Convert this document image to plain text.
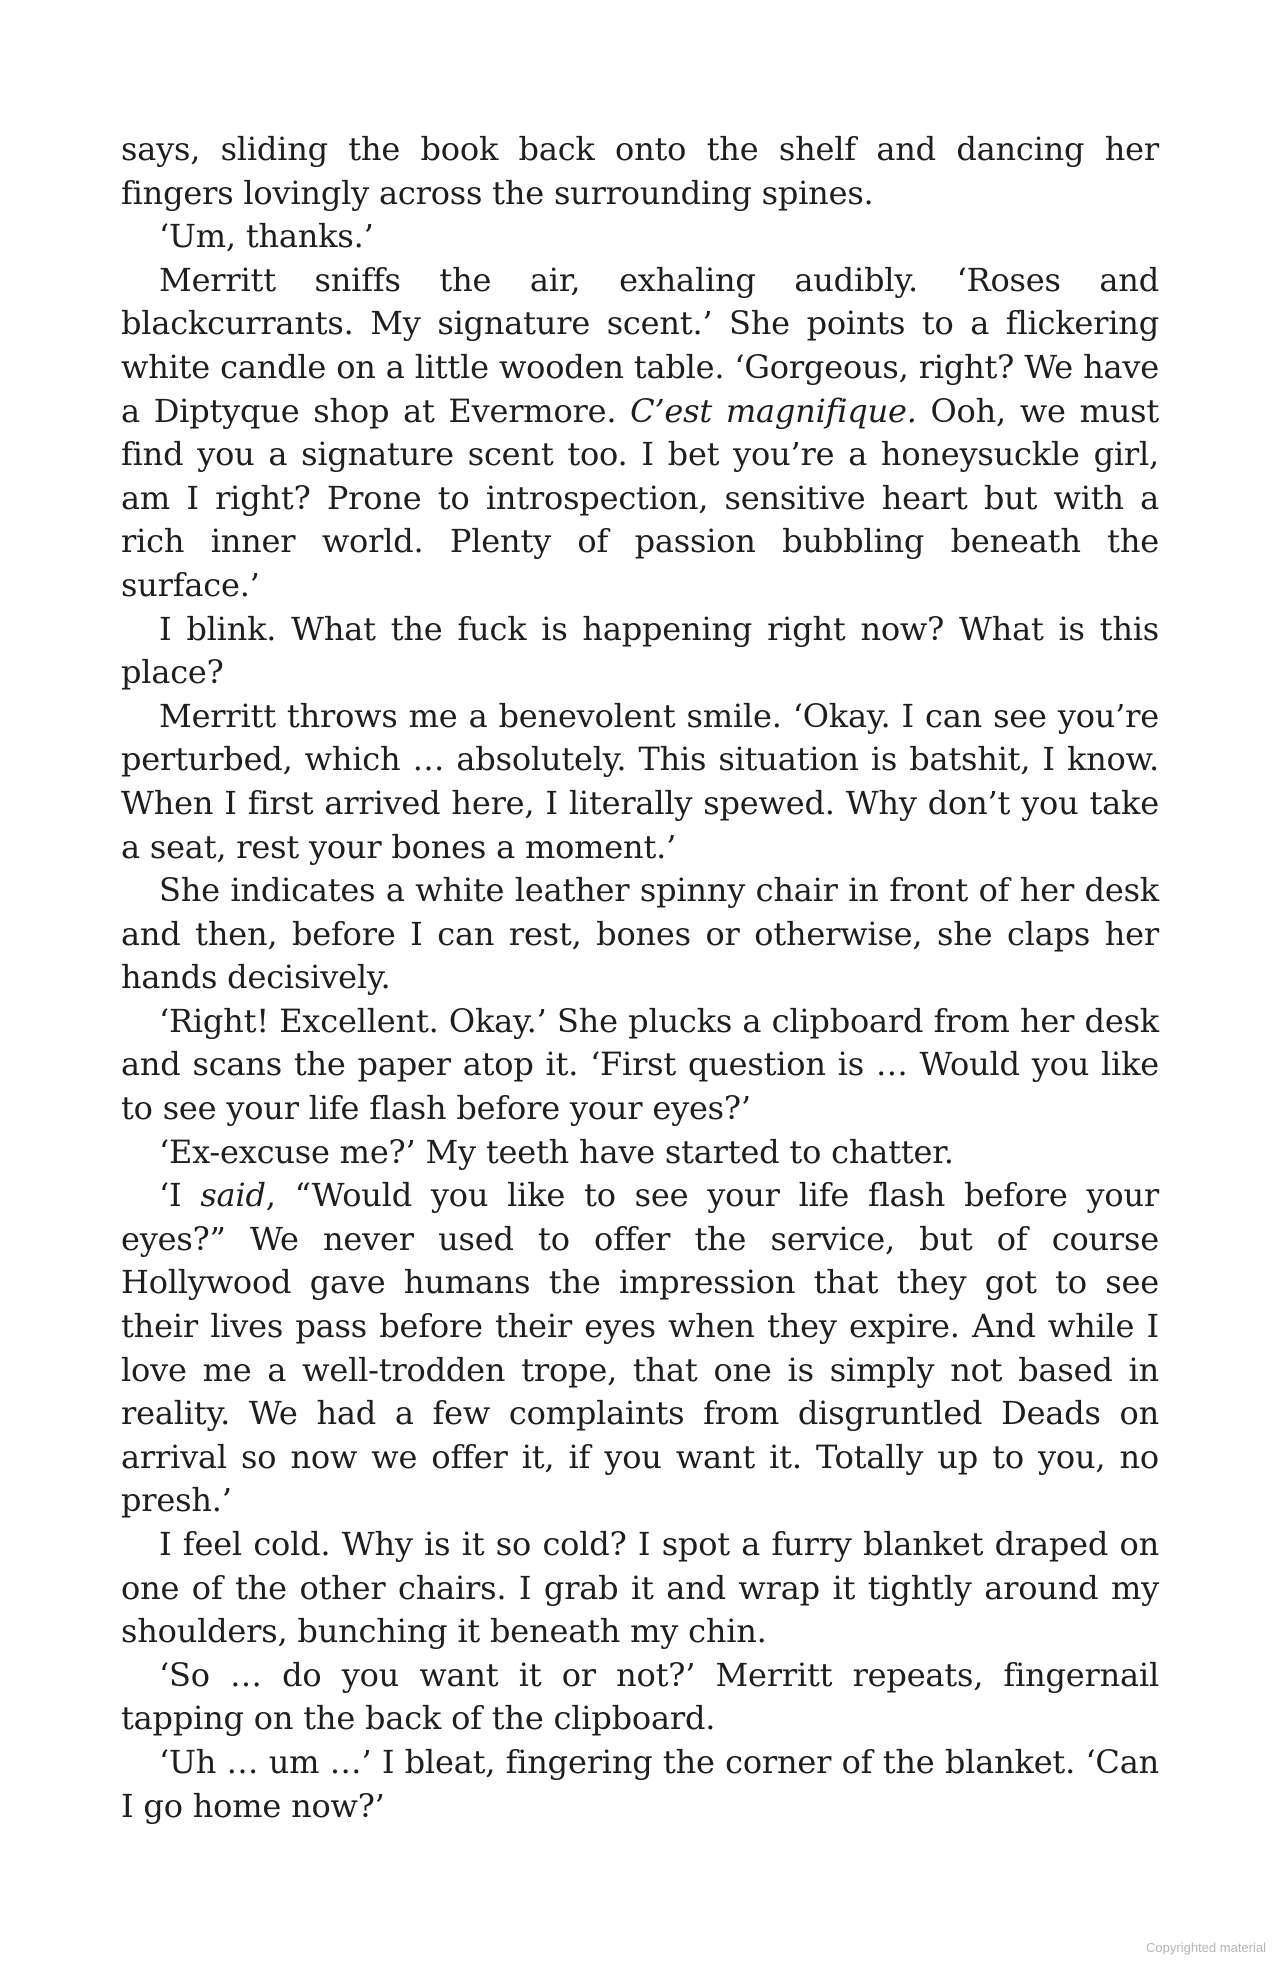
says, sliding the book back onto the shelf and dancing her fingers lovingly across the surrounding spines.

‘Um, thanks.’

Merritt sniffs the air, exhaling audibly. ‘Roses and blackcurrants. My signature scent.’ She points to a flickering white candle on a little wooden table. ‘Gorgeous, right? We have a Diptyque shop at Evermore. C’est magnifique. Ooh, we must find you a signature scent too. I bet you’re a honeysuckle girl, am I right? Prone to introspection, sensitive heart but with a rich inner world. Plenty of passion bubbling beneath the surface.’

I blink. What the fuck is happening right now? What is this place?

Merritt throws me a benevolent smile. ‘Okay. I can see you’re perturbed, which … absolutely. This situation is batshit, I know. When I first arrived here, I literally spewed. Why don’t you take a seat, rest your bones a moment.’

She indicates a white leather spinny chair in front of her desk and then, before I can rest, bones or otherwise, she claps her hands decisively.

‘Right! Excellent. Okay.’ She plucks a clipboard from her desk and scans the paper atop it. ‘First question is … Would you like to see your life flash before your eyes?’

‘Ex-excuse me?’ My teeth have started to chatter.

‘I said, “Would you like to see your life flash before your eyes?” We never used to offer the service, but of course Hollywood gave humans the impression that they got to see their lives pass before their eyes when they expire. And while I love me a well-trodden trope, that one is simply not based in reality. We had a few complaints from disgruntled Deads on arrival so now we offer it, if you want it. Totally up to you, no presh.’

I feel cold. Why is it so cold? I spot a furry blanket draped on one of the other chairs. I grab it and wrap it tightly around my shoulders, bunching it beneath my chin.

‘So … do you want it or not?’ Merritt repeats, fingernail tapping on the back of the clipboard.

‘Uh … um …’ I bleat, fingering the corner of the blanket. ‘Can I go home now?’

Copyrighted material
